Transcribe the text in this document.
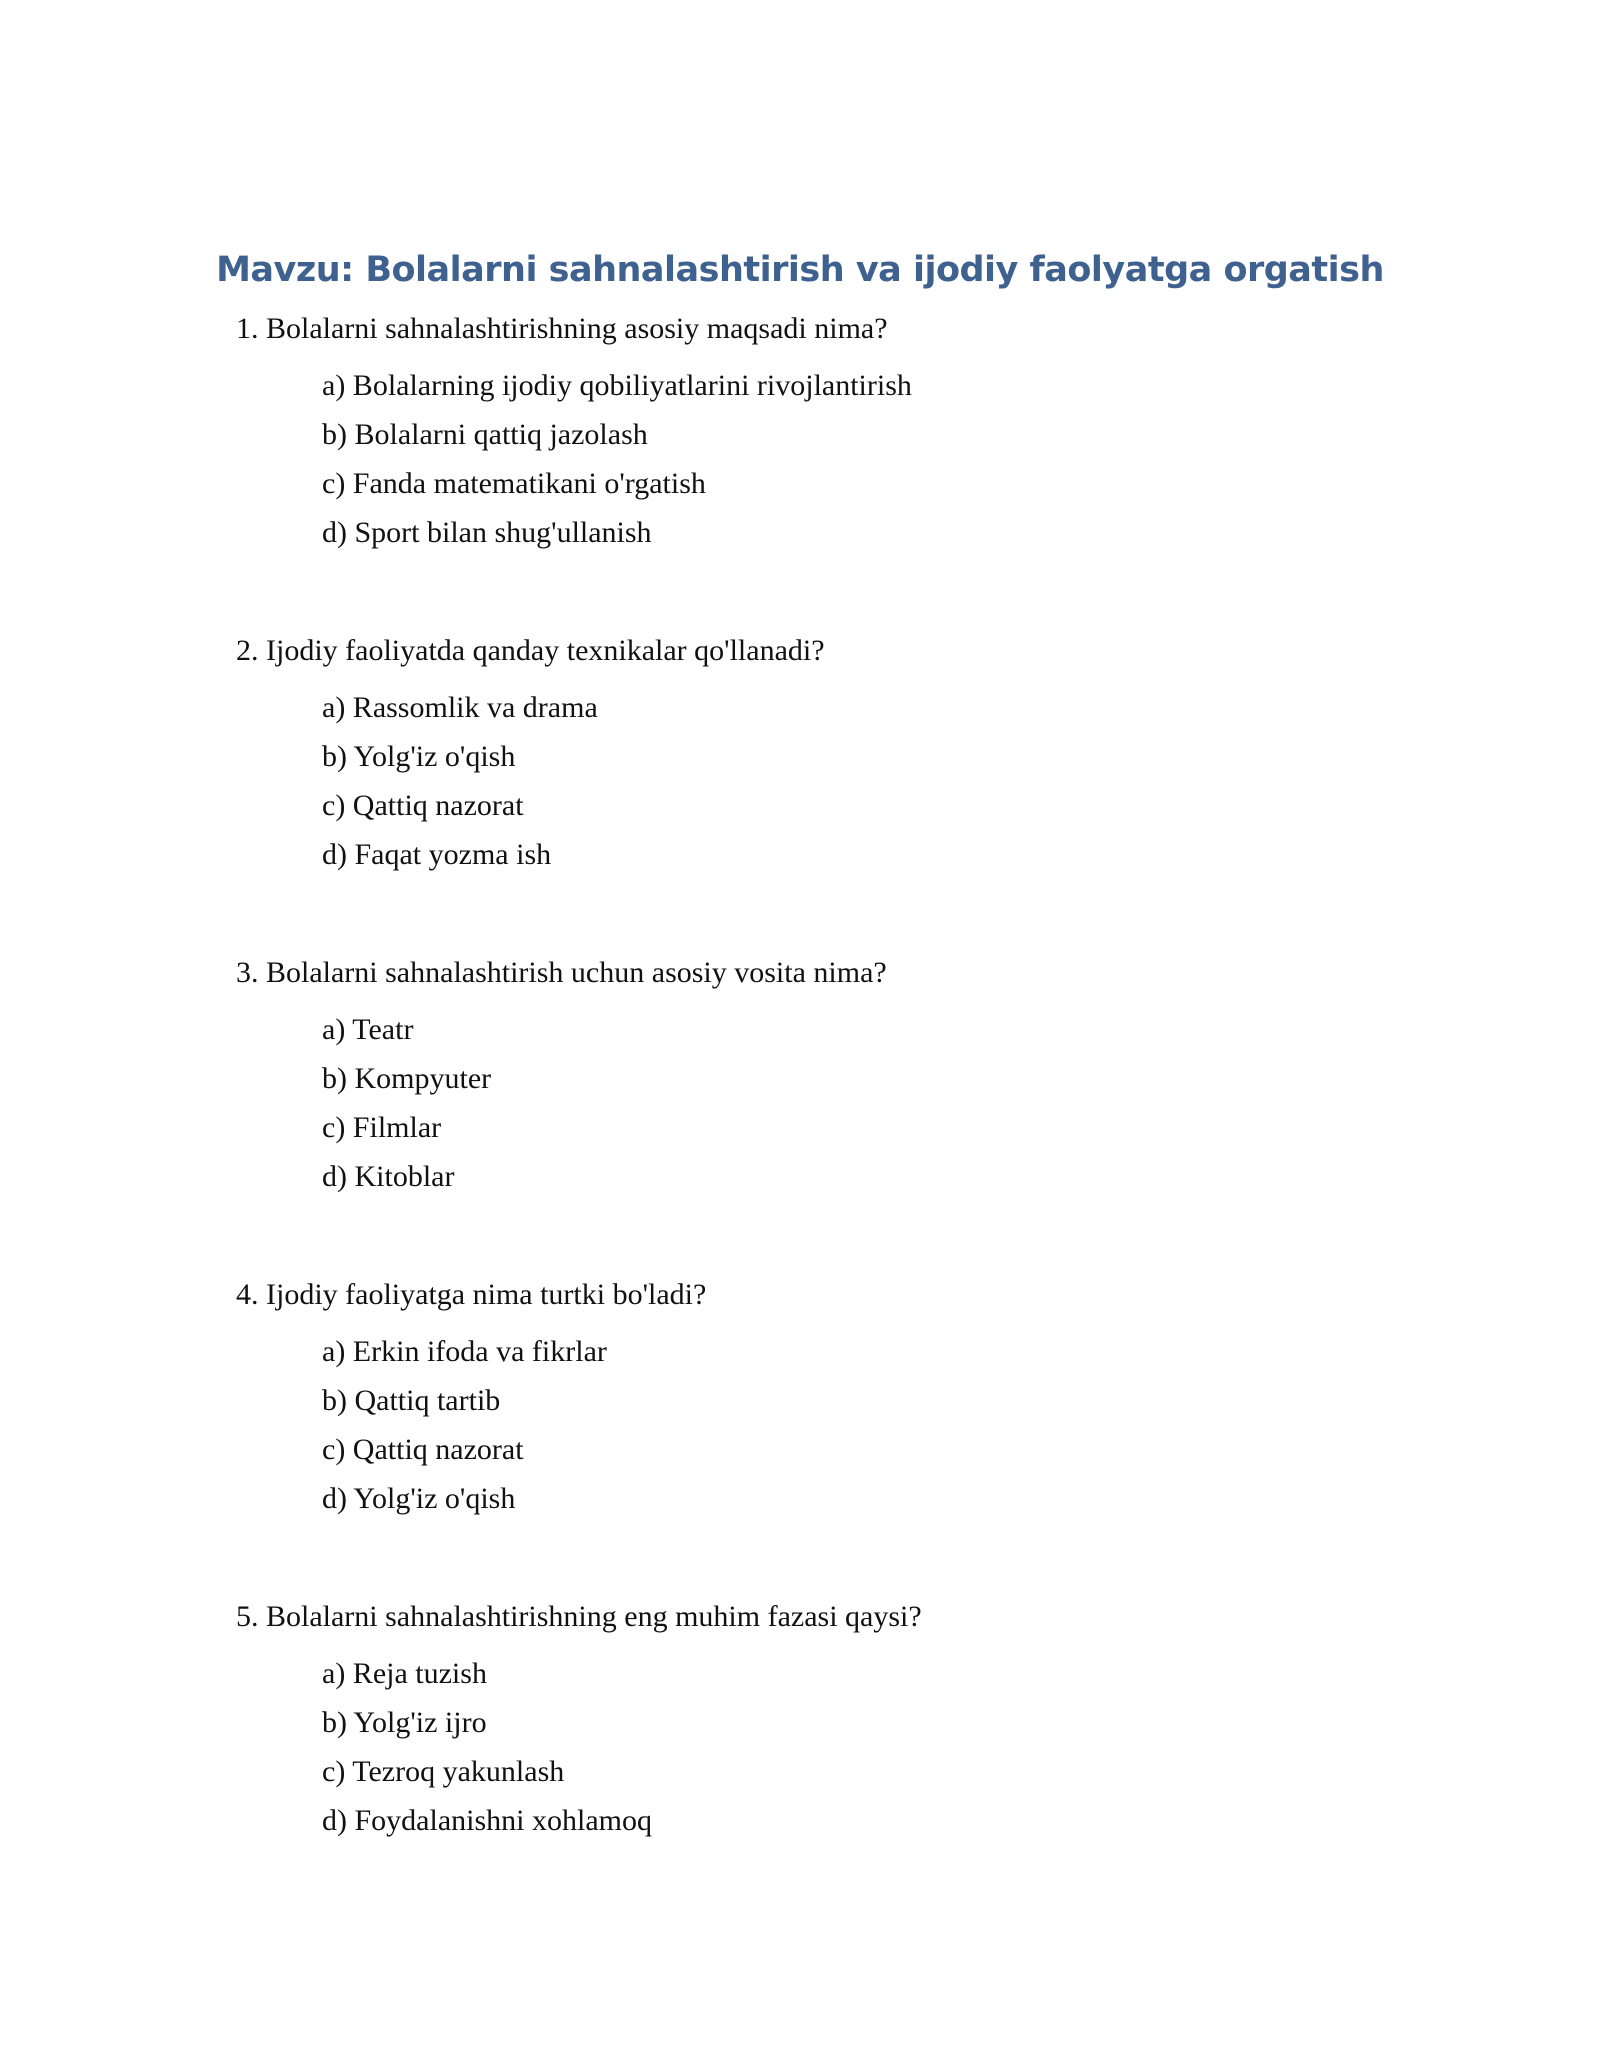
Mavzu: Bolalarni sahnalashtirish va ijodiy faolyatga orgatish
1. Bolalarni sahnalashtirishning asosiy maqsadi nima?
a) Bolalarning ijodiy qobiliyatlarini rivojlantirish
b) Bolalarni qattiq jazolash
c) Fanda matematikani o'rgatish
d) Sport bilan shug'ullanish
2. Ijodiy faoliyatda qanday texnikalar qo'llanadi?
a) Rassomlik va drama
b) Yolg'iz o'qish
c) Qattiq nazorat
d) Faqat yozma ish
3. Bolalarni sahnalashtirish uchun asosiy vosita nima?
a) Teatr
b) Kompyuter
c) Filmlar
d) Kitoblar
4. Ijodiy faoliyatga nima turtki bo'ladi?
a) Erkin ifoda va fikrlar
b) Qattiq tartib
c) Qattiq nazorat
d) Yolg'iz o'qish
5. Bolalarni sahnalashtirishning eng muhim fazasi qaysi?
a) Reja tuzish
b) Yolg'iz ijro
c) Tezroq yakunlash
d) Foydalanishni xohlamoq
